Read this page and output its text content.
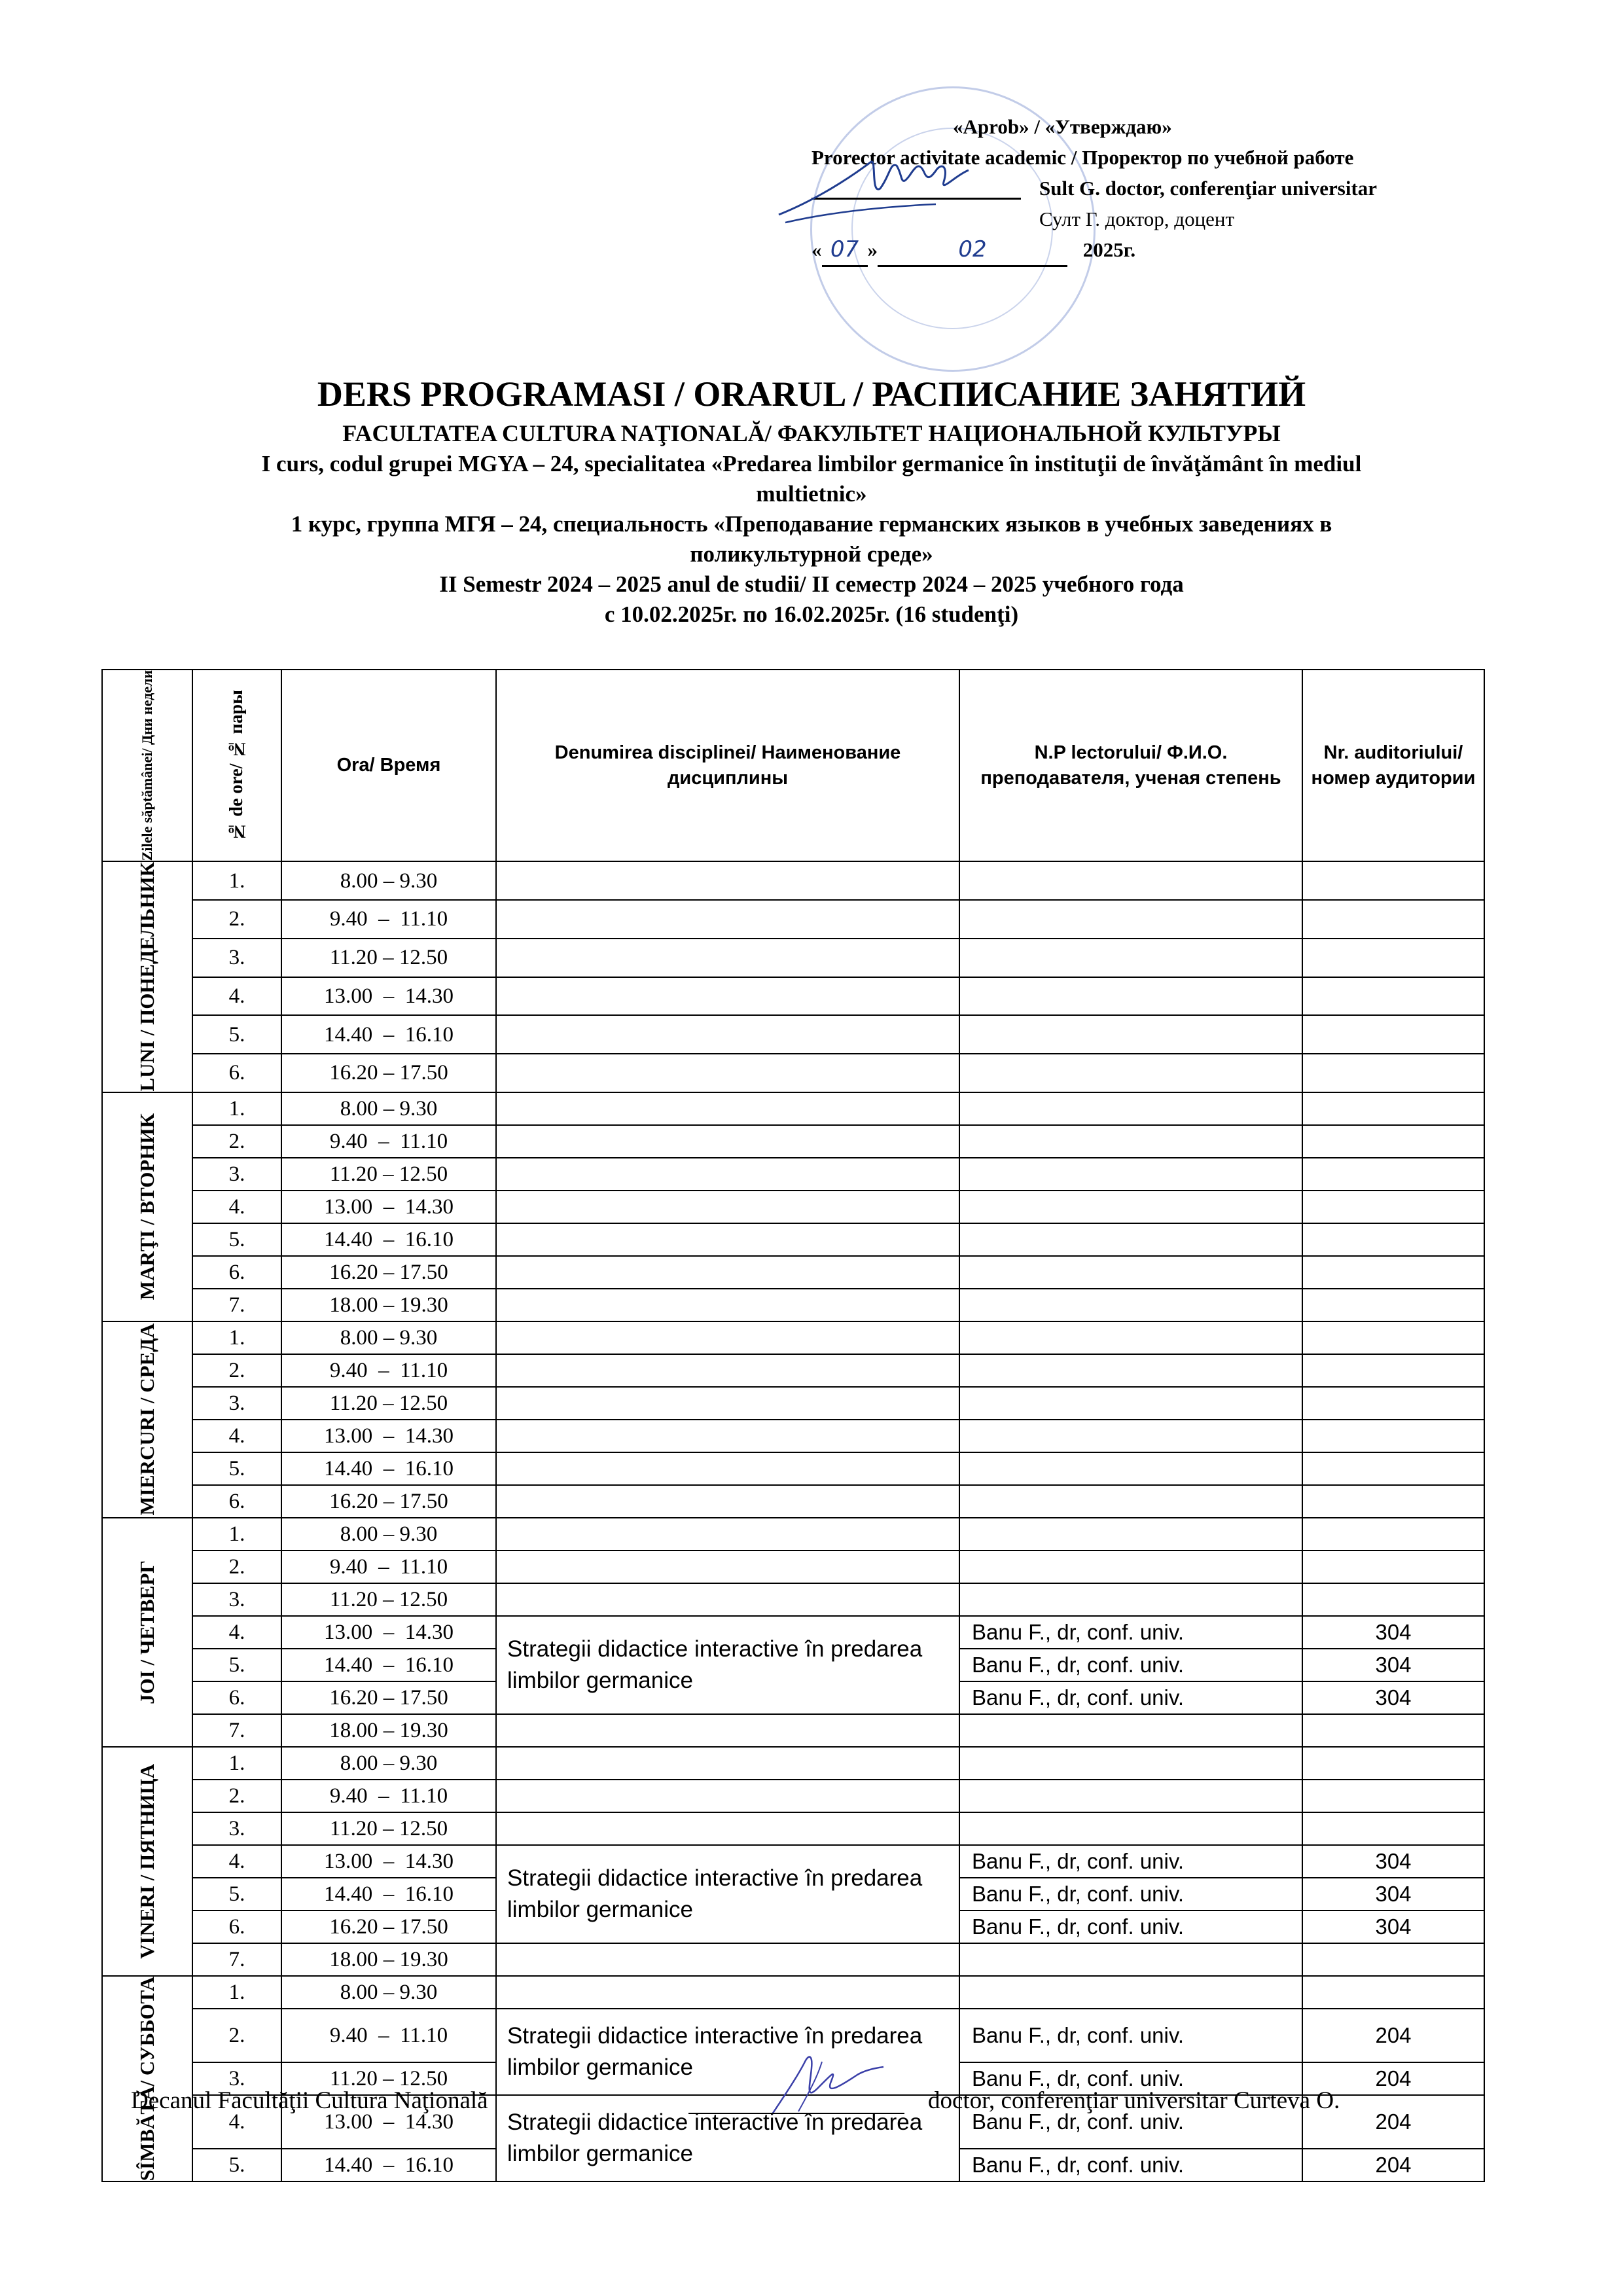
«Aprob» / «Утверждаю»
Prorector activitate academic / Проректор по учебной работе
Sult G. doctor, conferenţiar universitar
Султ Г. доктор, доцент
« 07 »	02	2025г.
DERS PROGRAMASI / ORARUL / РАСПИСАНИЕ ЗАНЯТИЙ
FACULTATEA CULTURA NAŢIONALĂ/ ФАКУЛЬТЕТ НАЦИОНАЛЬНОЙ КУЛЬТУРЫ
I curs, codul grupei MGYA – 24, specialitatea «Predarea limbilor germanice în instituţii de învăţământ în mediul
multietnic»
1 курс, группа МГЯ – 24, специальность «Преподавание германских языков в учебных заведениях в
поликультурной среде»
II Semestr 2024 – 2025 anul de studii/ II семестр 2024 – 2025 учебного года
с 10.02.2025г. по 16.02.2025г. (16 studenţi)
Zilele săptămânei/ Дни недели	№ de ore/ № пары	Ora/ Время	Denumirea disciplinei/ Наименование дисциплины	N.P lectorului/ Ф.И.О. преподавателя, ученая степень	Nr. auditoriului/ номер аудитории

LUNI / ПОНЕДЕЛЬНИК	1.	8.00 – 9.30			
	2.	9.40  –  11.10			
	3.	11.20 – 12.50			
	4.	13.00  –  14.30			
	5.	14.40  –  16.10			
	6.	16.20 – 17.50			

MARŢI / ВТОРНИК	1.	8.00 – 9.30			
	2.	9.40  –  11.10			
	3.	11.20 – 12.50			
	4.	13.00  –  14.30			
	5.	14.40  –  16.10			
	6.	16.20 – 17.50			
	7.	18.00 – 19.30			

MIERCURI / СРЕДА	1.	8.00 – 9.30			
	2.	9.40  –  11.10			
	3.	11.20 – 12.50			
	4.	13.00  –  14.30			
	5.	14.40  –  16.10			
	6.	16.20 – 17.50			

JOI / ЧЕТВЕРГ	1.	8.00 – 9.30			
	2.	9.40  –  11.10			
	3.	11.20 – 12.50			
	4.	13.00  –  14.30	Strategii didactice interactive în predarea limbilor germanice	Banu F., dr, conf. univ.	304
	5.	14.40  –  16.10		Banu F., dr, conf. univ.	304
	6.	16.20 – 17.50		Banu F., dr, conf. univ.	304
	7.	18.00 – 19.30			

VINERI / ПЯТНИЦА	1.	8.00 – 9.30			
	2.	9.40  –  11.10			
	3.	11.20 – 12.50			
	4.	13.00  –  14.30	Strategii didactice interactive în predarea limbilor germanice	Banu F., dr, conf. univ.	304
	5.	14.40  –  16.10		Banu F., dr, conf. univ.	304
	6.	16.20 – 17.50		Banu F., dr, conf. univ.	304
	7.	18.00 – 19.30			

SÎMBĂTĂ/ СУББОТА	1.	8.00 – 9.30			
	2.	9.40  –  11.10	Strategii didactice interactive în predarea limbilor germanice	Banu F., dr, conf. univ.	204
	3.	11.20 – 12.50		Banu F., dr, conf. univ.	204
	4.	13.00  –  14.30	Strategii didactice interactive în predarea limbilor germanice	Banu F., dr, conf. univ.	204
	5.	14.40  –  16.10		Banu F., dr, conf. univ.	204
Decanul Facultăţii Cultura Naţională	doctor, conferenţiar universitar Curteva O.
